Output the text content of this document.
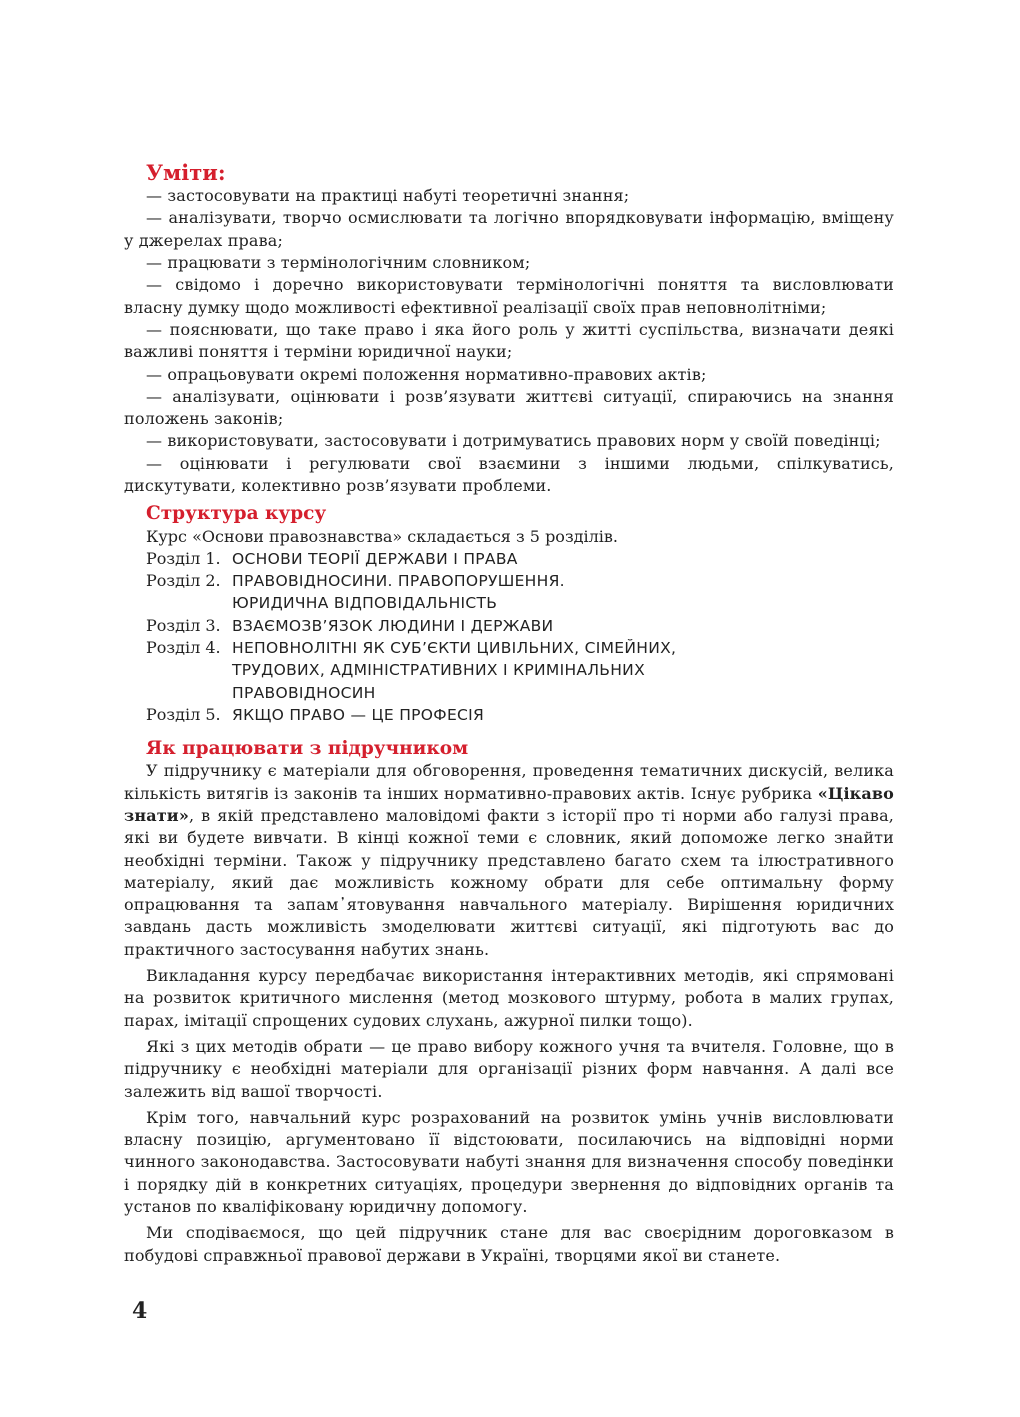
Уміти:

— застосовувати на практиці набуті теоретичні знання;

— аналізувати, творчо осмислювати та логічно впорядковувати інформацію, вміщену у джерелах права;

— працювати з термінологічним словником;

— свідомо і доречно використовувати термінологічні поняття та висловлювати власну думку щодо можливості ефективної реалізації своїх прав неповнолітніми;

— пояснювати, що таке право і яка його роль у житті суспільства, визначати деякі важливі поняття і терміни юридичної науки;

— опрацьовувати окремі положення нормативно-правових актів;

— аналізувати, оцінювати і розв’язувати життєві ситуації, спираючись на знання положень законів;

— використовувати, застосовувати і дотримуватись правових норм у своїй поведінці;

— оцінювати і регулювати свої взаємини з іншими людьми, спілкуватись, дискутувати, колективно розв’язувати проблеми.

Структура курсу
Курс «Основи правознавства» складається з 5 розділів.
Розділ 1. ОСНОВИ ТЕОРІЇ ДЕРЖАВИ І ПРАВА
Розділ 2. ПРАВОВІДНОСИНИ. ПРАВОПОРУШЕННЯ.
ЮРИДИЧНА ВІДПОВІДАЛЬНІСТЬ
Розділ 3. ВЗАЄМОЗВ’ЯЗОК ЛЮДИНИ І ДЕРЖАВИ
Розділ 4. НЕПОВНОЛІТНІ ЯК СУБ’ЄКТИ ЦИВІЛЬНИХ, СІМЕЙНИХ,
ТРУДОВИХ, АДМІНІСТРАТИВНИХ І КРИМІНАЛЬНИХ
ПРАВОВІДНОСИН
Розділ 5. ЯКЩО ПРАВО — ЦЕ ПРОФЕСІЯ
Як працювати з підручником

У підручнику є матеріали для обговорення, проведення тематичних дискусій, велика кількість витягів із законів та інших нормативно-правових актів. Існує рубрика «Цікаво знати», в якій представлено маловідомі факти з історії про ті норми або галузі права, які ви будете вивчати. В кінці кожної теми є словник, який допоможе легко знайти необхідні терміни. Також у підручнику представлено багато схем та ілюстративного матеріалу, який дає можливість кожному обрати для себе оптимальну форму опрацювання та запам᾽ятовування навчального матеріалу. Вирішення юридичних завдань дасть можливість змоделювати життєві ситуації, які підготують вас до практичного застосування набутих знань.

Викладання курсу передбачає використання інтерактивних методів, які спрямовані на розвиток критичного мислення (метод мозкового штурму, робота в малих групах, парах, імітації спрощених судових слухань, ажурної пилки тощо).

Які з цих методів обрати — це право вибору кожного учня та вчителя. Головне, що в підручнику є необхідні матеріали для організації різних форм навчання. А далі все залежить від вашої творчості.

Крім того, навчальний курс розрахований на розвиток умінь учнів висловлювати власну позицію, аргументовано її відстоювати, посилаючись на відповідні норми чинного законодавства. Застосовувати набуті знання для визначення способу поведінки і порядку дій в конкретних ситуаціях, процедури звернення до відповідних органів та установ по кваліфіковану юридичну допомогу.

Ми сподіваємося, що цей підручник стане для вас своєрідним дороговказом в побудові справжньої правової держави в Україні, творцями якої ви станете.

4
